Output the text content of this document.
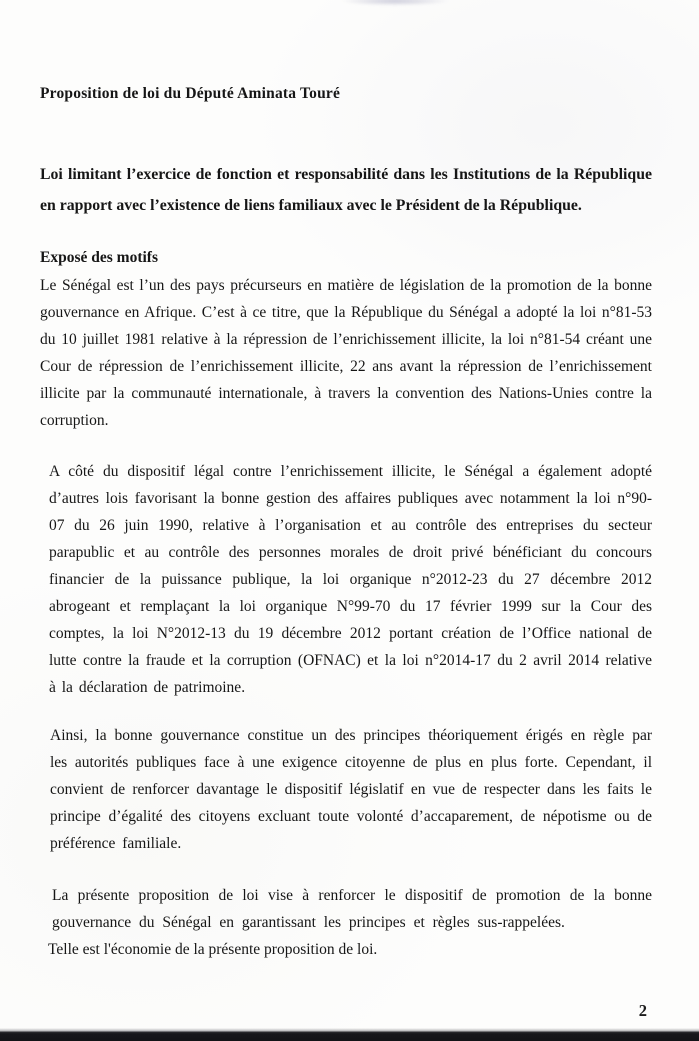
Proposition de loi du Député Aminata Touré
Loi limitant l’exercice de fonction et responsabilité dans les Institutions de la République en rapport avec l’existence de liens familiaux avec le Président de la République.
Exposé des motifs
Le Sénégal est l’un des pays précurseurs en matière de législation de la promotion de la bonne gouvernance en Afrique. C’est à ce titre, que la République du Sénégal a adopté la loi n°81-53 du 10 juillet 1981 relative à la répression de l’enrichissement illicite, la loi n°81-54 créant une Cour de répression de l’enrichissement illicite, 22 ans avant la répression de l’enrichissement illicite par la communauté internationale, à travers la convention des Nations-Unies contre la corruption.
A côté du dispositif légal contre l’enrichissement illicite, le Sénégal a également adopté d’autres lois favorisant la bonne gestion des affaires publiques avec notamment la loi n°90-07 du 26 juin 1990, relative à l’organisation et au contrôle des entreprises du secteur parapublic et au contrôle des personnes morales de droit privé bénéficiant du concours financier de la puissance publique, la loi organique n°2012-23 du 27 décembre 2012 abrogeant et remplaçant la loi organique N°99-70 du 17 février 1999 sur la Cour des comptes, la loi N°2012-13 du 19 décembre 2012 portant création de l’Office national de lutte contre la fraude et la corruption (OFNAC) et la loi n°2014-17 du 2 avril 2014 relative à la déclaration de patrimoine.
Ainsi, la bonne gouvernance constitue un des principes théoriquement érigés en règle par les autorités publiques face à une exigence citoyenne de plus en plus forte. Cependant, il convient de renforcer davantage le dispositif législatif en vue de respecter dans les faits le principe d’égalité des citoyens excluant toute volonté d’accaparement, de népotisme ou de préférence familiale.
La présente proposition de loi vise à renforcer le dispositif de promotion de la bonne gouvernance du Sénégal en garantissant les principes et règles sus-rappelées.
Telle est l'économie de la présente proposition de loi.
2
